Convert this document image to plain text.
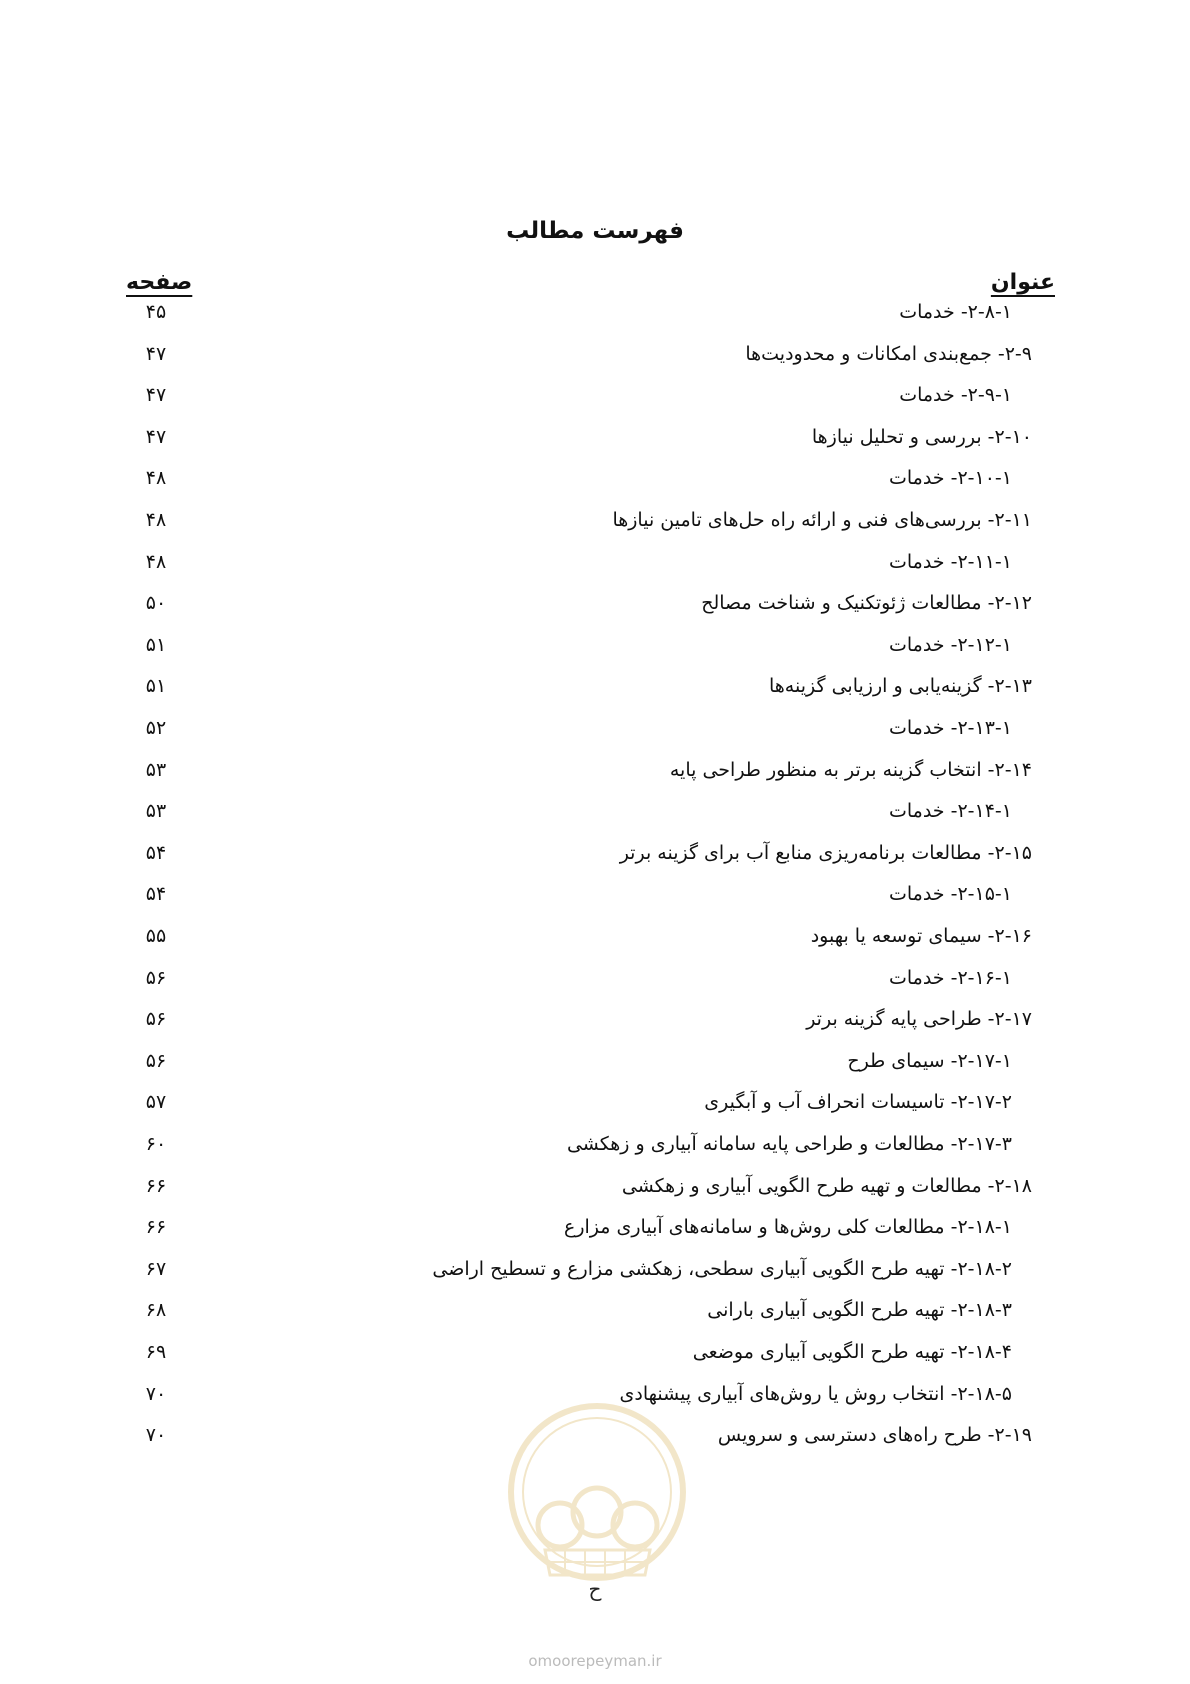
فهرست مطالب
عنوان
صفحه
۲-۸-۱- خدمات
۴۵
۲-۹- جمع‌بندی امکانات و محدودیت‌ها
۴۷
۲-۹-۱- خدمات
۴۷
۲-۱۰- بررسی و تحلیل نیازها
۴۷
۲-۱۰-۱- خدمات
۴۸
۲-۱۱- بررسی‌های فنی و ارائه راه حل‌های تامین نیازها
۴۸
۲-۱۱-۱- خدمات
۴۸
۲-۱۲- مطالعات ژئوتکنیک و شناخت مصالح
۵۰
۲-۱۲-۱- خدمات
۵۱
۲-۱۳- گزینه‌یابی و ارزیابی گزینه‌ها
۵۱
۲-۱۳-۱- خدمات
۵۲
۲-۱۴- انتخاب گزینه برتر به منظور طراحی پایه
۵۳
۲-۱۴-۱- خدمات
۵۳
۲-۱۵- مطالعات برنامه‌ریزی منابع آب برای گزینه برتر
۵۴
۲-۱۵-۱- خدمات
۵۴
۲-۱۶- سیمای توسعه یا بهبود
۵۵
۲-۱۶-۱- خدمات
۵۶
۲-۱۷- طراحی پایه گزینه برتر
۵۶
۲-۱۷-۱- سیمای طرح
۵۶
۲-۱۷-۲- تاسیسات انحراف آب و آبگیری
۵۷
۲-۱۷-۳- مطالعات و طراحی پایه سامانه آبیاری و زهکشی
۶۰
۲-۱۸- مطالعات و تهیه طرح الگویی آبیاری و زهکشی
۶۶
۲-۱۸-۱- مطالعات کلی روش‌ها و سامانه‌های آبیاری مزارع
۶۶
۲-۱۸-۲- تهیه طرح الگویی آبیاری سطحی، زهکشی مزارع و تسطیح اراضی
۶۷
۲-۱۸-۳- تهیه طرح الگویی آبیاری بارانی
۶۸
۲-۱۸-۴- تهیه طرح الگویی آبیاری موضعی
۶۹
۲-۱۸-۵- انتخاب روش یا روش‌های آبیاری پیشنهادی
۷۰
۲-۱۹- طرح راه‌های دسترسی و سرویس
۷۰
ح
omoorepeyman.ir
